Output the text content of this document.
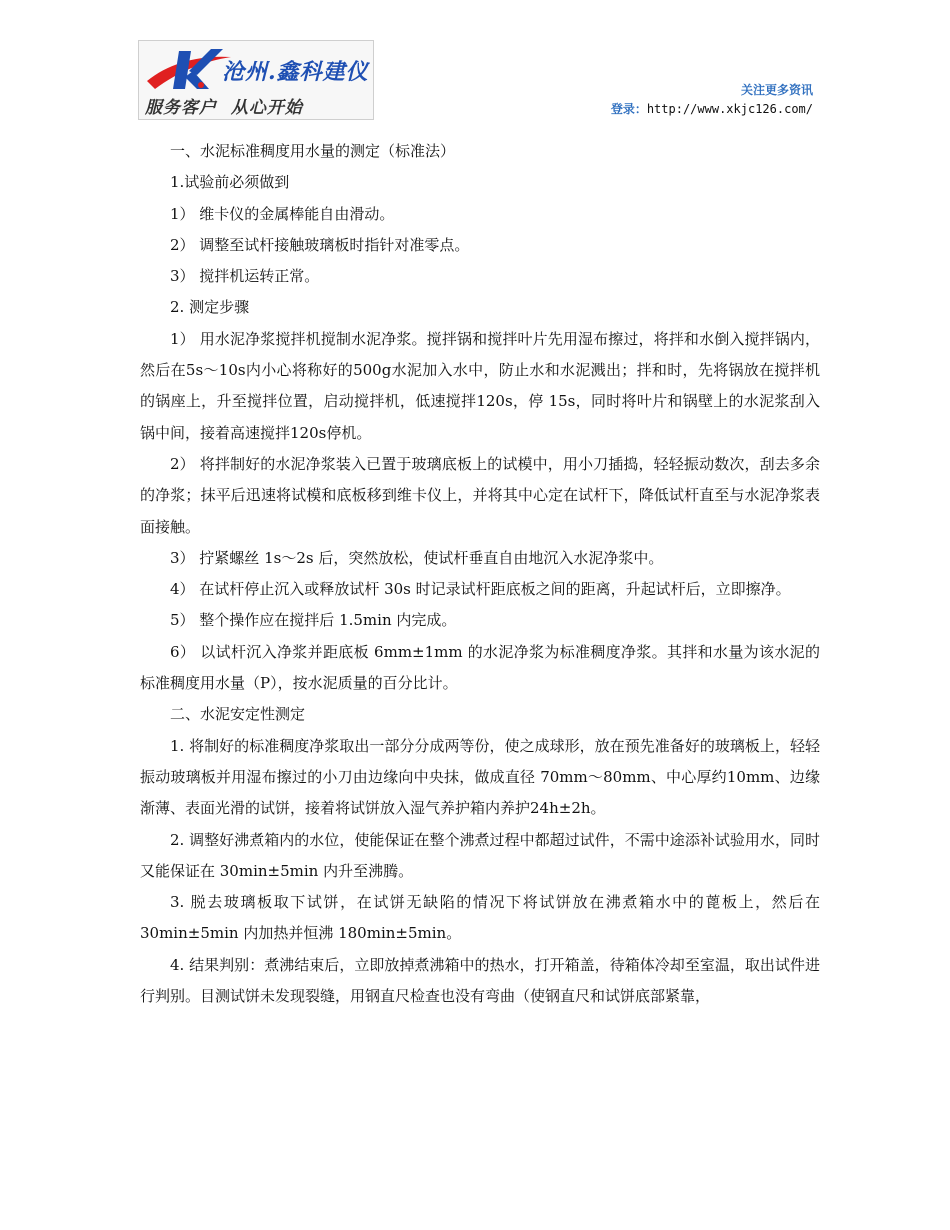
沧州.鑫科建仪
服务客户  从心开始
关注更多资讯
登录：http://www.xkjc126.com/

一、水泥标准稠度用水量的测定（标准法）

1.试验前必须做到

1） 维卡仪的金属棒能自由滑动。

2） 调整至试杆接触玻璃板时指针对准零点。

3） 搅拌机运转正常。

2. 测定步骤

1） 用水泥净浆搅拌机搅制水泥净浆。搅拌锅和搅拌叶片先用湿布擦过，将拌和水倒入搅拌锅内，然后在5s～10s内小心将称好的500g水泥加入水中，防止水和水泥溅出；拌和时，先将锅放在搅拌机的锅座上，升至搅拌位置，启动搅拌机，低速搅拌120s，停 15s，同时将叶片和锅壁上的水泥浆刮入锅中间，接着高速搅拌120s停机。

2） 将拌制好的水泥净浆装入已置于玻璃底板上的试模中，用小刀插捣，轻轻振动数次，刮去多余的净浆；抹平后迅速将试模和底板移到维卡仪上，并将其中心定在试杆下，降低试杆直至与水泥净浆表面接触。

3） 拧紧螺丝 1s～2s 后，突然放松，使试杆垂直自由地沉入水泥净浆中。

4） 在试杆停止沉入或释放试杆 30s 时记录试杆距底板之间的距离，升起试杆后，立即擦净。

5） 整个操作应在搅拌后 1.5min 内完成。

6） 以试杆沉入净浆并距底板 6mm±1mm 的水泥净浆为标准稠度净浆。其拌和水量为该水泥的标准稠度用水量（P），按水泥质量的百分比计。

二、水泥安定性测定

1. 将制好的标准稠度净浆取出一部分分成两等份，使之成球形，放在预先准备好的玻璃板上，轻轻振动玻璃板并用湿布擦过的小刀由边缘向中央抹，做成直径 70mm～80mm、中心厚约10mm、边缘渐薄、表面光滑的试饼，接着将试饼放入湿气养护箱内养护24h±2h。

2. 调整好沸煮箱内的水位，使能保证在整个沸煮过程中都超过试件，不需中途添补试验用水，同时又能保证在 30min±5min 内升至沸腾。

3. 脱去玻璃板取下试饼，在试饼无缺陷的情况下将试饼放在沸煮箱水中的蓖板上，然后在 30min±5min 内加热并恒沸 180min±5min。

4. 结果判别：煮沸结束后，立即放掉煮沸箱中的热水，打开箱盖，待箱体冷却至室温，取出试件进行判别。目测试饼未发现裂缝，用钢直尺检查也没有弯曲（使钢直尺和试饼底部紧靠，
